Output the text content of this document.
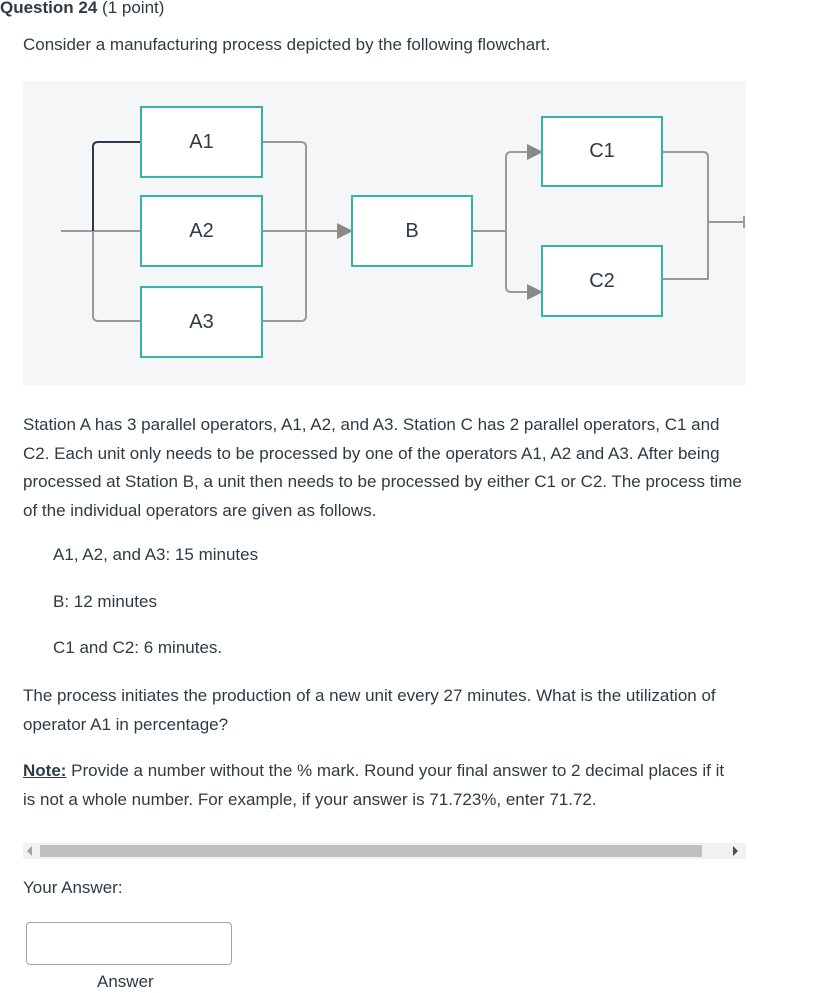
Question 24 (1 point)
Consider a manufacturing process depicted by the following flowchart.
A1
A2
A3
B
C1
C2
Station A has 3 parallel operators, A1, A2, and A3. Station C has 2 parallel operators, C1 and C2. Each unit only needs to be processed by one of the operators A1, A2 and A3. After being processed at Station B, a unit then needs to be processed by either C1 or C2. The process time of the individual operators are given as follows.
A1, A2, and A3: 15 minutes
B: 12 minutes
C1 and C2: 6 minutes.
The process initiates the production of a new unit every 27 minutes. What is the utilization of operator A1 in percentage?
Note: Provide a number without the % mark. Round your final answer to 2 decimal places if it is not a whole number. For example, if your answer is 71.723%, enter 71.72.
Your Answer:
Answer
